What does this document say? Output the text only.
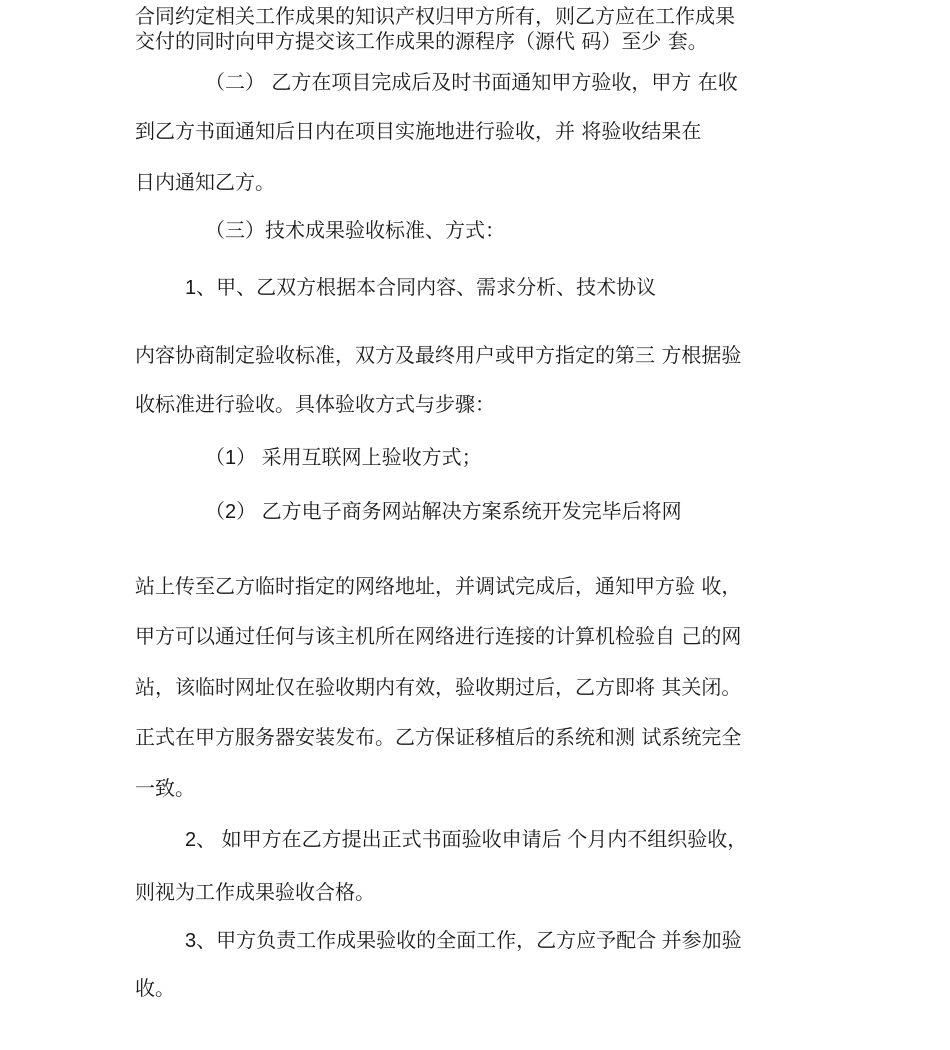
合同约定相关工作成果的知识产权归甲方所有，则乙方应在工作成果
交付的同时向甲方提交该工作成果的源程序（源代 码）至少 套。
（二） 乙方在项目完成后及时书面通知甲方验收，甲方 在收
到乙方书面通知后日内在项目实施地进行验收，并 将验收结果在
日内通知乙方。
（三）技术成果验收标准、方式：
1、甲、乙双方根据本合同内容、需求分析、技术协议
内容协商制定验收标准，双方及最终用户或甲方指定的第三 方根据验
收标准进行验收。具体验收方式与步骤：
（1） 采用互联网上验收方式；
（2） 乙方电子商务网站解决方案系统开发完毕后将网
站上传至乙方临时指定的网络地址，并调试完成后，通知甲方验 收，
甲方可以通过任何与该主机所在网络进行连接的计算机检验自 己的网
站，该临时网址仅在验收期内有效，验收期过后，乙方即将 其关闭。
正式在甲方服务器安装发布。乙方保证移植后的系统和测 试系统完全
一致。
2、 如甲方在乙方提出正式书面验收申请后 个月内不组织验收，
则视为工作成果验收合格。
3、甲方负责工作成果验收的全面工作，乙方应予配合 并参加验
收。
